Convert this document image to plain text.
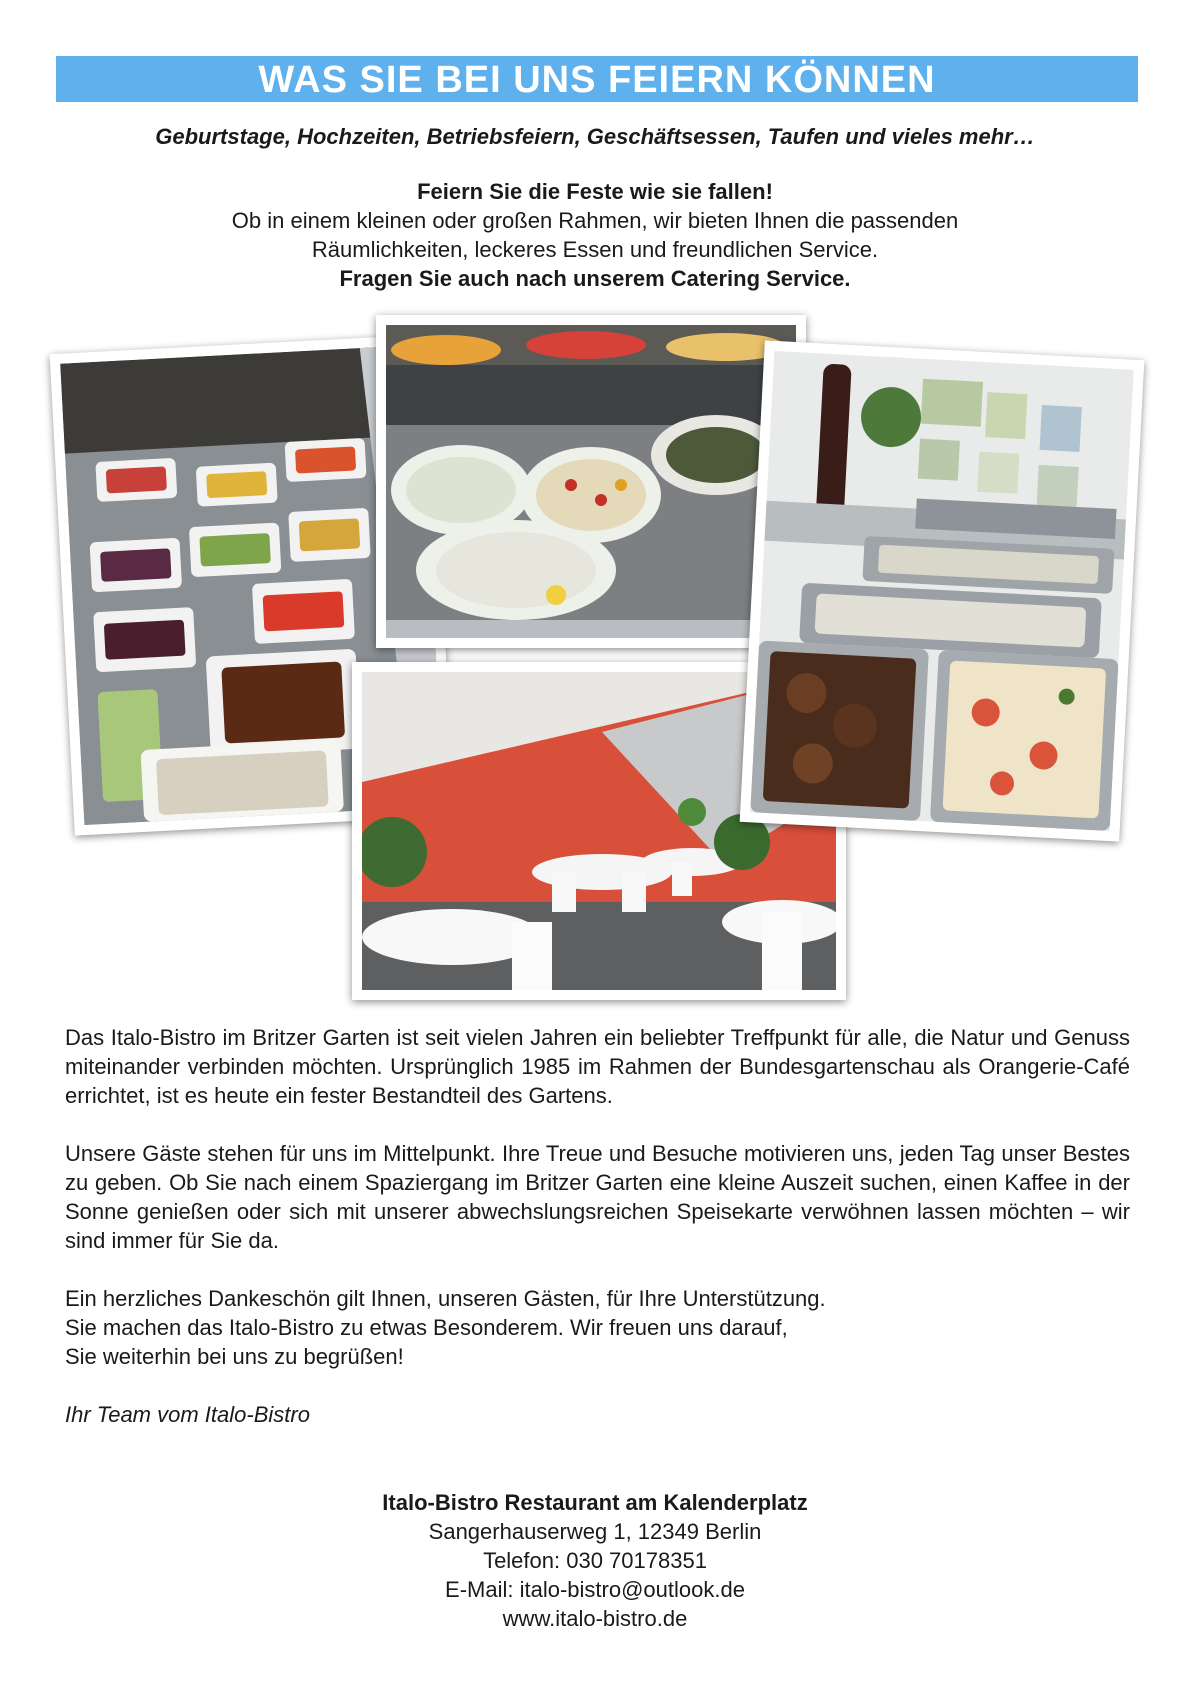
WAS SIE BEI UNS FEIERN KÖNNEN
Geburtstage, Hochzeiten, Betriebsfeiern, Geschäftsessen, Taufen und vieles mehr…
Feiern Sie die Feste wie sie fallen!
Ob in einem kleinen oder großen Rahmen, wir bieten Ihnen die passenden
Räumlichkeiten, leckeres Essen und freundlichen Service.
Fragen Sie auch nach unserem Catering Service.

Das Italo-Bistro im Britzer Garten ist seit vielen Jahren ein beliebter Treffpunkt für alle, die Natur und Genuss miteinander verbinden möchten. Ursprünglich 1985 im Rahmen der Bundesgartenschau als Orangerie-Café errichtet, ist es heute ein fester Bestandteil des Gartens.

Unsere Gäste stehen für uns im Mittelpunkt. Ihre Treue und Besuche motivieren uns, jeden Tag unser Bestes zu geben. Ob Sie nach einem Spaziergang im Britzer Garten eine kleine Auszeit suchen, einen Kaffee in der Sonne genießen oder sich mit unserer abwechslungsreichen Speisekarte verwöhnen lassen möchten – wir sind immer für Sie da.

Ein herzliches Dankeschön gilt Ihnen, unseren Gästen, für Ihre Unterstützung.
Sie machen das Italo-Bistro zu etwas Besonderem. Wir freuen uns darauf,
Sie weiterhin bei uns zu begrüßen!

Ihr Team vom Italo-Bistro

Italo-Bistro Restaurant am Kalenderplatz
Sangerhauserweg 1, 12349 Berlin
Telefon: 030 70178351
E-Mail: italo-bistro@outlook.de
www.italo-bistro.de
